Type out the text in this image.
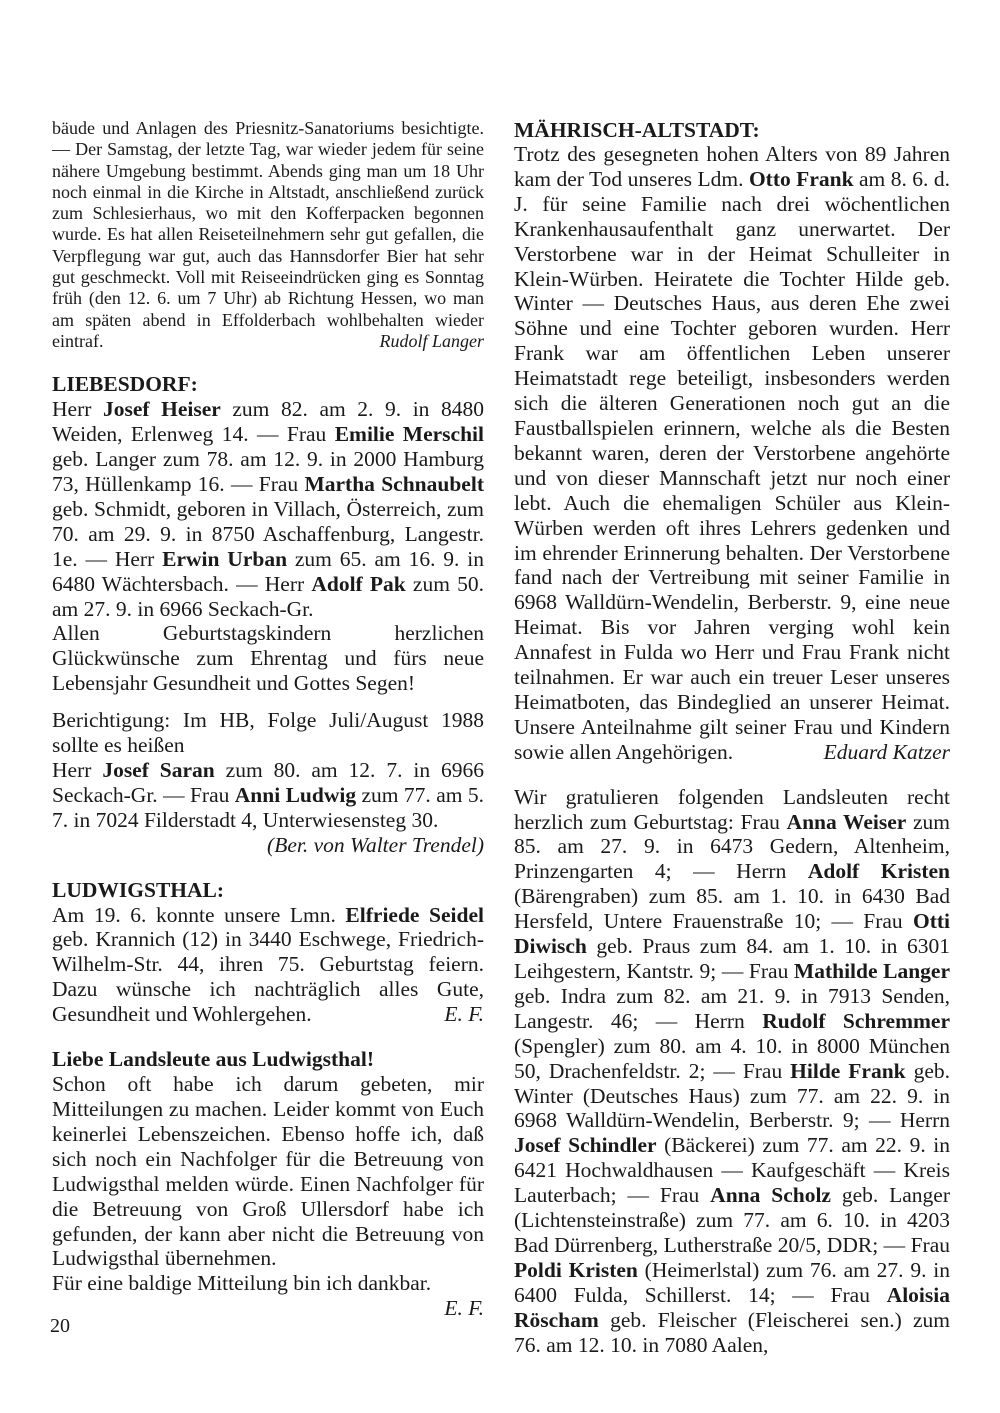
bäude und Anlagen des Priesnitz-Sanatoriums besichtigte. — Der Samstag, der letzte Tag, war wieder jedem für seine nähere Umgebung bestimmt. Abends ging man um 18 Uhr noch einmal in die Kirche in Altstadt, anschließend zurück zum Schlesierhaus, wo mit den Kofferpacken begonnen wurde. Es hat allen Reiseteilnehmern sehr gut gefallen, die Verpflegung war gut, auch das Hannsdorfer Bier hat sehr gut geschmeckt. Voll mit Reiseeindrücken ging es Sonntag früh (den 12. 6. um 7 Uhr) ab Richtung Hessen, wo man am späten abend in Effolderbach wohlbehalten wieder eintraf.	Rudolf Langer

LIEBESDORF:

Herr Josef Heiser zum 82. am 2. 9. in 8480 Weiden, Erlenweg 14. — Frau Emilie Merschil geb. Langer zum 78. am 12. 9. in 2000 Hamburg 73, Hüllenkamp 16. — Frau Martha Schnaubelt geb. Schmidt, geboren in Villach, Österreich, zum 70. am 29. 9. in 8750 Aschaffenburg, Langestr. 1e. — Herr Erwin Urban zum 65. am 16. 9. in 6480 Wächtersbach. — Herr Adolf Pak zum 50. am 27. 9. in 6966 Seckach-Gr.

Allen Geburtstagskindern herzlichen Glückwünsche zum Ehrentag und fürs neue Lebensjahr Gesundheit und Gottes Segen!

Berichtigung: Im HB, Folge Juli/August 1988 sollte es heißen

Herr Josef Saran zum 80. am 12. 7. in 6966 Seckach-Gr. — Frau Anni Ludwig zum 77. am 5. 7. in 7024 Filderstadt 4, Unterwiesensteg 30.

(Ber. von Walter Trendel)

LUDWIGSTHAL:

Am 19. 6. konnte unsere Lmn. Elfriede Seidel geb. Krannich (12) in 3440 Eschwege, Friedrich-Wilhelm-Str. 44, ihren 75. Geburtstag feiern. Dazu wünsche ich nachträglich alles Gute, Gesundheit und Wohlergehen.	E. F.

Liebe Landsleute aus Ludwigsthal!

Schon oft habe ich darum gebeten, mir Mitteilungen zu machen. Leider kommt von Euch keinerlei Lebenszeichen. Ebenso hoffe ich, daß sich noch ein Nachfolger für die Betreuung von Ludwigsthal melden würde. Einen Nachfolger für die Betreuung von Groß Ullersdorf habe ich gefunden, der kann aber nicht die Betreuung von Ludwigsthal übernehmen.

Für eine baldige Mitteilung bin ich dankbar.

E. F.

MÄHRISCH-ALTSTADT:

Trotz des gesegneten hohen Alters von 89 Jahren kam der Tod unseres Ldm. Otto Frank am 8. 6. d. J. für seine Familie nach drei wöchentlichen Krankenhausaufenthalt ganz unerwartet. Der Verstorbene war in der Heimat Schulleiter in Klein-Würben. Heiratete die Tochter Hilde geb. Winter — Deutsches Haus, aus deren Ehe zwei Söhne und eine Tochter geboren wurden. Herr Frank war am öffentlichen Leben unserer Heimatstadt rege beteiligt, insbesonders werden sich die älteren Generationen noch gut an die Faustballspielen erinnern, welche als die Besten bekannt waren, deren der Verstorbene angehörte und von dieser Mannschaft jetzt nur noch einer lebt. Auch die ehemaligen Schüler aus Klein-Würben werden oft ihres Lehrers gedenken und im ehrender Erinnerung behalten. Der Verstorbene fand nach der Vertreibung mit seiner Familie in 6968 Walldürn-Wendelin, Berberstr. 9, eine neue Heimat. Bis vor Jahren verging wohl kein Annafest in Fulda wo Herr und Frau Frank nicht teilnahmen. Er war auch ein treuer Leser unseres Heimatboten, das Bindeglied an unserer Heimat. Unsere Anteilnahme gilt seiner Frau und Kindern sowie allen Angehörigen.	Eduard Katzer

Wir gratulieren folgenden Landsleuten recht herzlich zum Geburtstag: Frau Anna Weiser zum 85. am 27. 9. in 6473 Gedern, Altenheim, Prinzengarten 4; — Herrn Adolf Kristen (Bärengraben) zum 85. am 1. 10. in 6430 Bad Hersfeld, Untere Frauenstraße 10; — Frau Otti Diwisch geb. Praus zum 84. am 1. 10. in 6301 Leihgestern, Kantstr. 9; — Frau Mathilde Langer geb. Indra zum 82. am 21. 9. in 7913 Senden, Langestr. 46; — Herrn Rudolf Schremmer (Spengler) zum 80. am 4. 10. in 8000 München 50, Drachenfeldstr. 2; — Frau Hilde Frank geb. Winter (Deutsches Haus) zum 77. am 22. 9. in 6968 Walldürn-Wendelin, Berberstr. 9; — Herrn Josef Schindler (Bäckerei) zum 77. am 22. 9. in 6421 Hochwaldhausen — Kaufgeschäft — Kreis Lauterbach; — Frau Anna Scholz geb. Langer (Lichtensteinstraße) zum 77. am 6. 10. in 4203 Bad Dürrenberg, Lutherstraße 20/5, DDR; — Frau Poldi Kristen (Heimerlstal) zum 76. am 27. 9. in 6400 Fulda, Schillerst. 14; — Frau Aloisia Röscham geb. Fleischer (Fleischerei sen.) zum 76. am 12. 10. in 7080 Aalen,

20
